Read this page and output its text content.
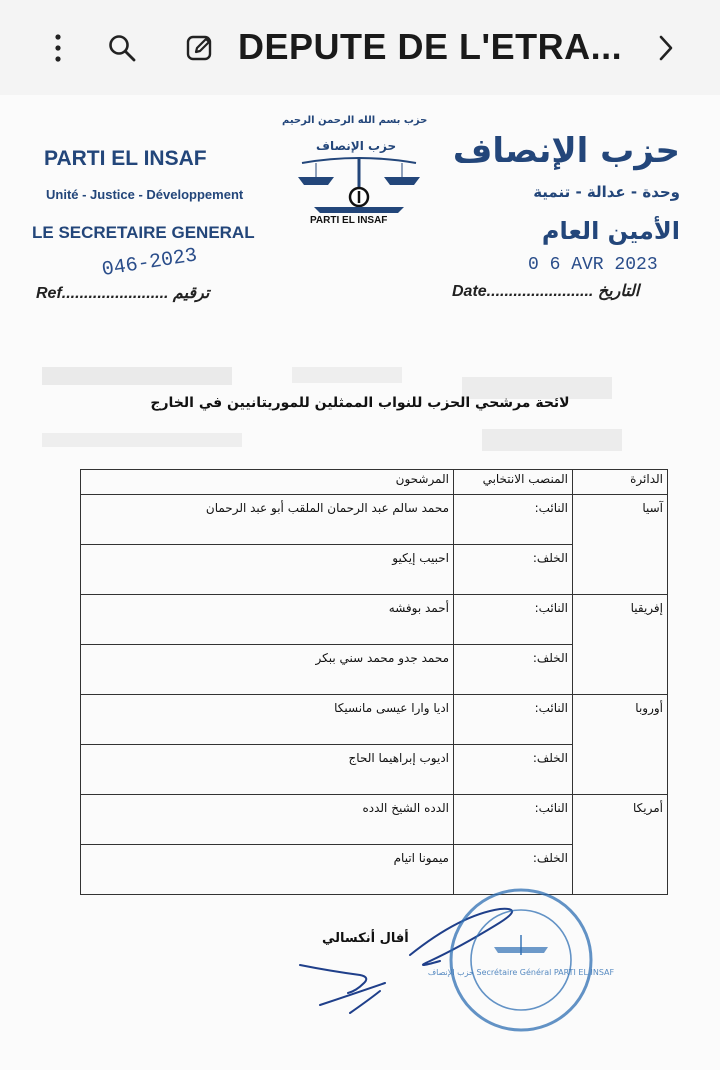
DEPUTE DE L'ETRA...
حزب بسم الله الرحمن الرحيم
PARTI EL INSAF
Unité - Justice - Développement
LE SECRETAIRE GENERAL
حزب الإنصاف
وحدة - عدالة - تنمية
الأمين العام
حزب الإنصاف
PARTI EL INSAF
Ref........................ ترقيم
046-2023
Date........................ التاريخ
0 6 AVR 2023
لائحة مرشحي الحزب للنواب الممثلين للموريتانيين في الخارج
الدائرة	المنصب الانتخابي	المرشحون
آسيا	النائب:	محمد سالم عبد الرحمان الملقب أبو عبد الرحمان
	الخلف:	احبيب إيكيو
إفريقيا	النائب:	أحمد بوفشه
	الخلف:	محمد جدو محمد سني ببكر
أوروبا	النائب:	اديا وارا عيسى مانسيكا
	الخلف:	اديوب إبراهيما الحاج
أمريكا	النائب:	الدده الشيخ الدده
	الخلف:	ميمونا اتيام
أفال أنكسالي
حزب الإنصاف Secrétaire Général PARTI EL INSAF
